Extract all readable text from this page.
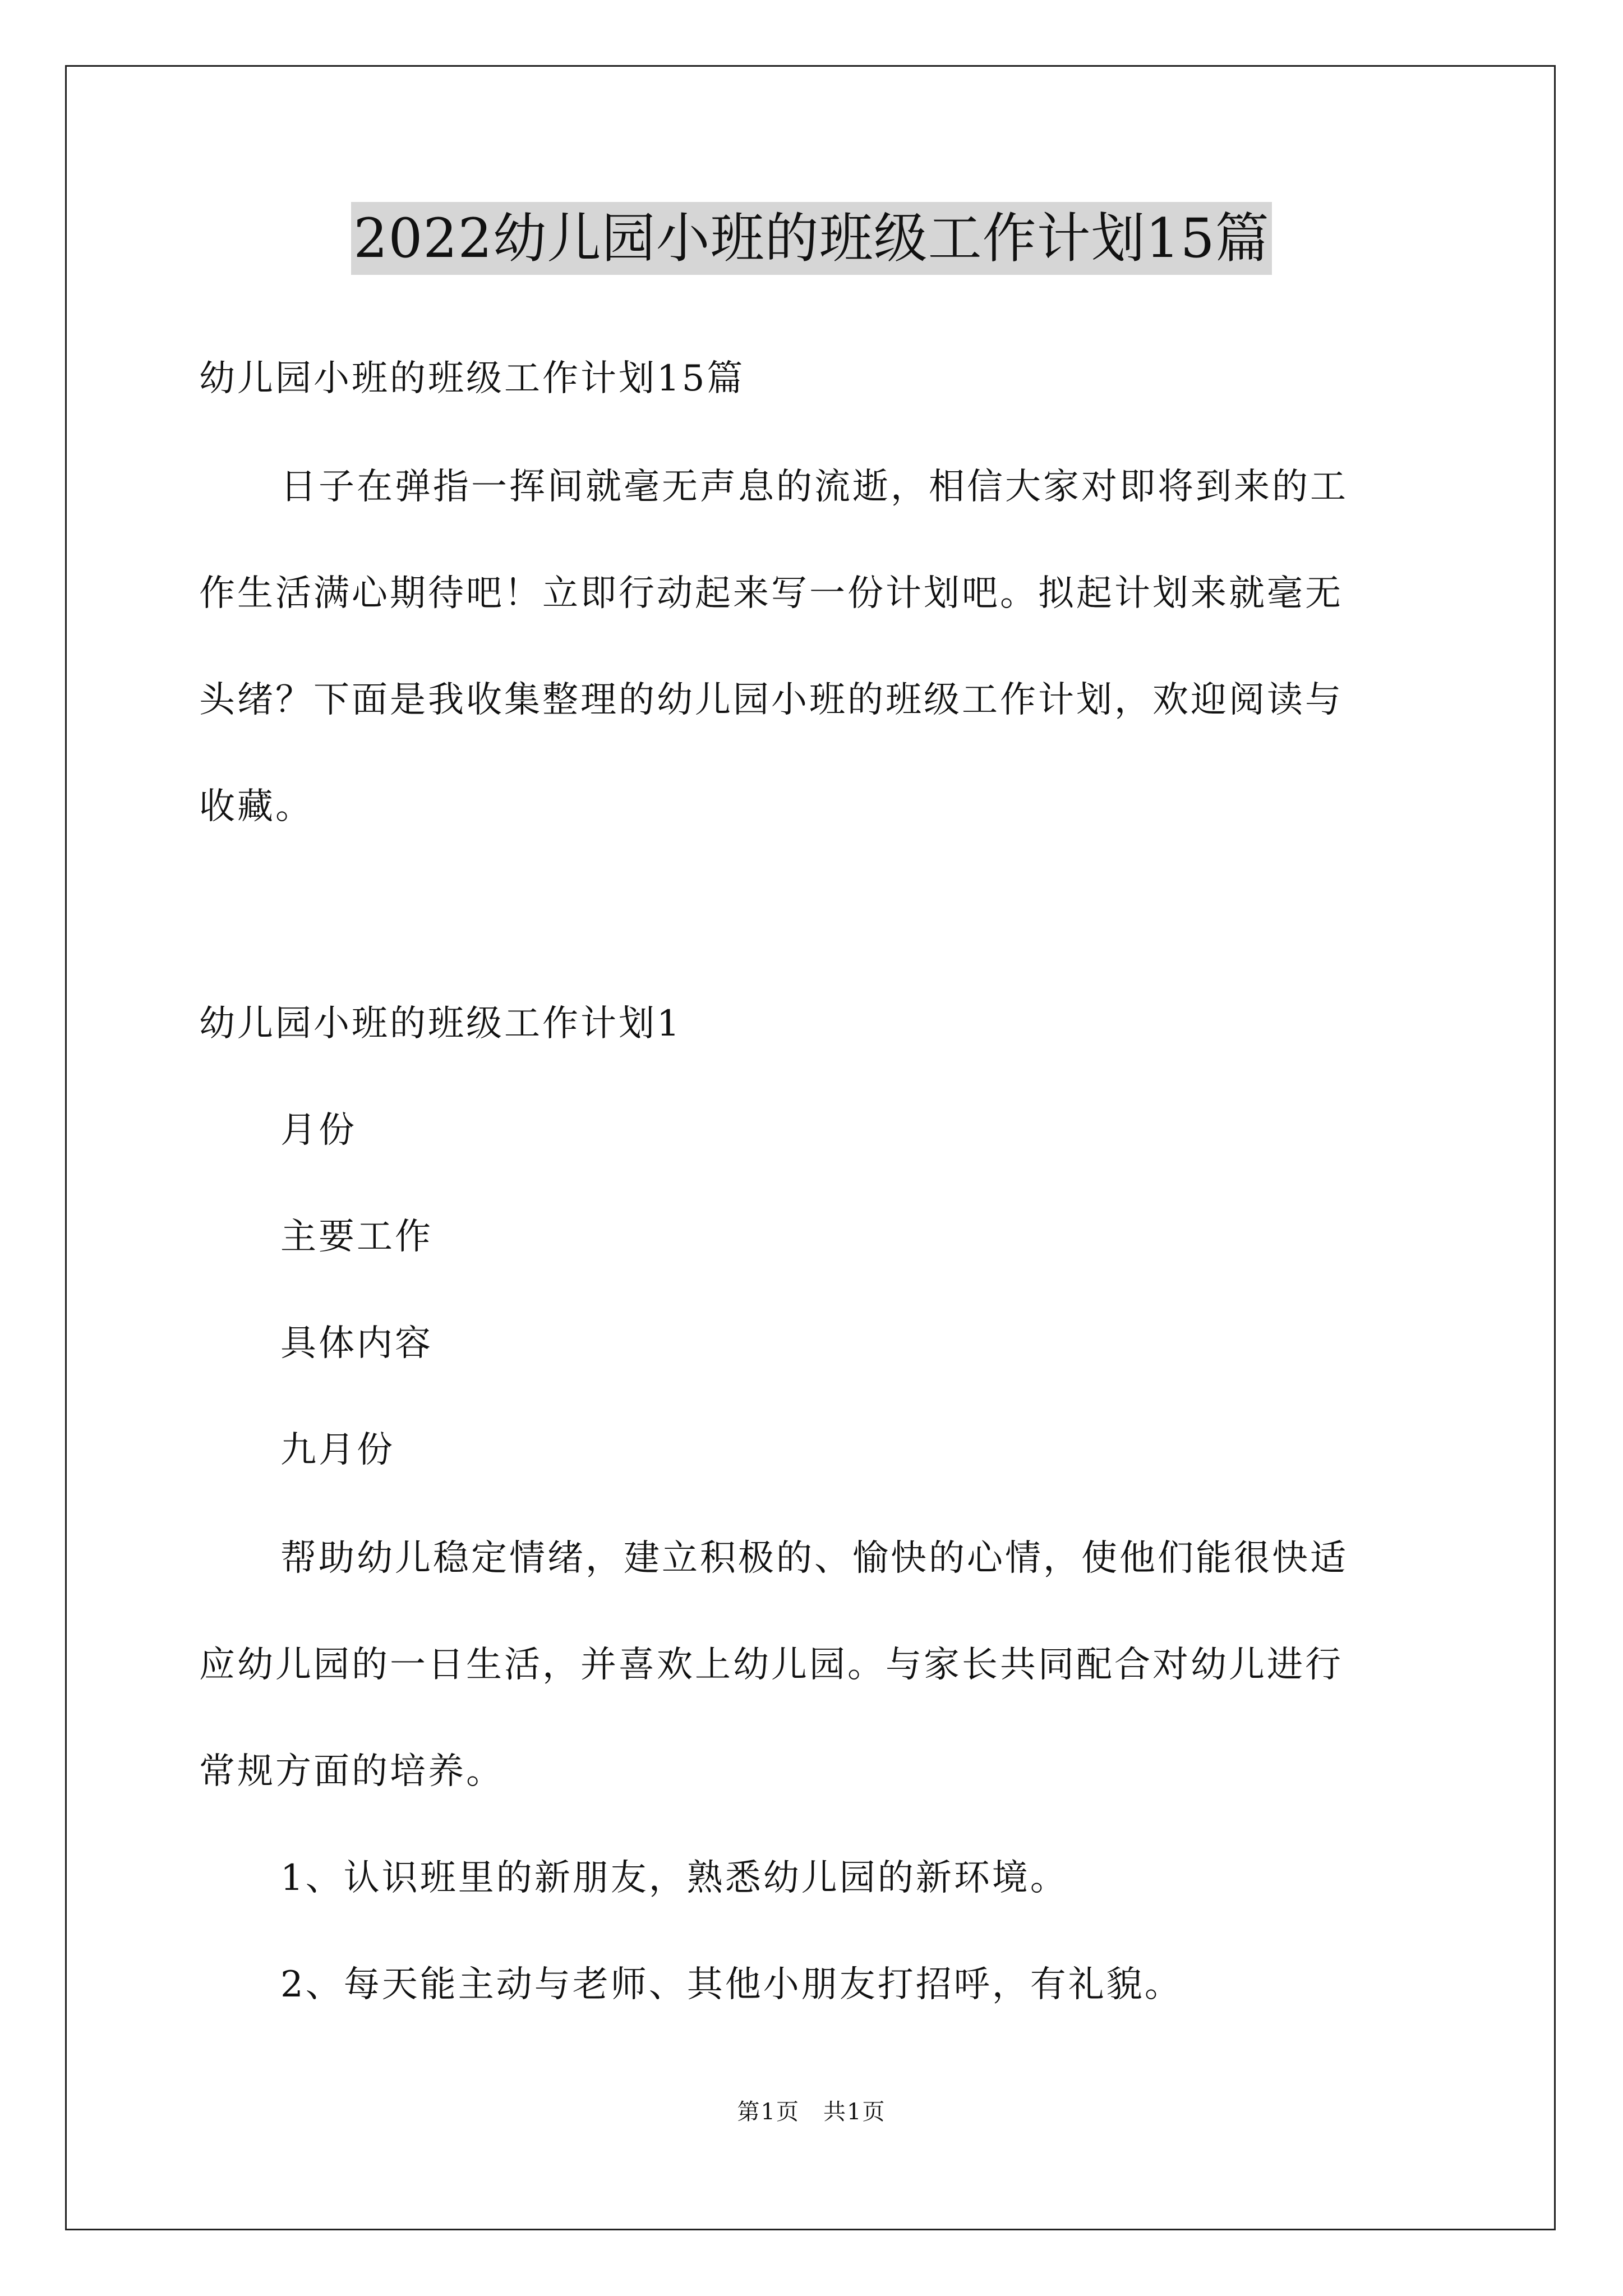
2022幼儿园小班的班级工作计划15篇
幼儿园小班的班级工作计划15篇
日子在弹指一挥间就毫无声息的流逝，相信大家对即将到来的工
作生活满心期待吧！立即行动起来写一份计划吧。拟起计划来就毫无
头绪？下面是我收集整理的幼儿园小班的班级工作计划，欢迎阅读与
收藏。
幼儿园小班的班级工作计划1
月份
主要工作
具体内容
九月份
帮助幼儿稳定情绪，建立积极的、愉快的心情，使他们能很快适
应幼儿园的一日生活，并喜欢上幼儿园。与家长共同配合对幼儿进行
常规方面的培养。
1、认识班里的新朋友，熟悉幼儿园的新环境。
2、每天能主动与老师、其他小朋友打招呼，有礼貌。
第1页　共1页
